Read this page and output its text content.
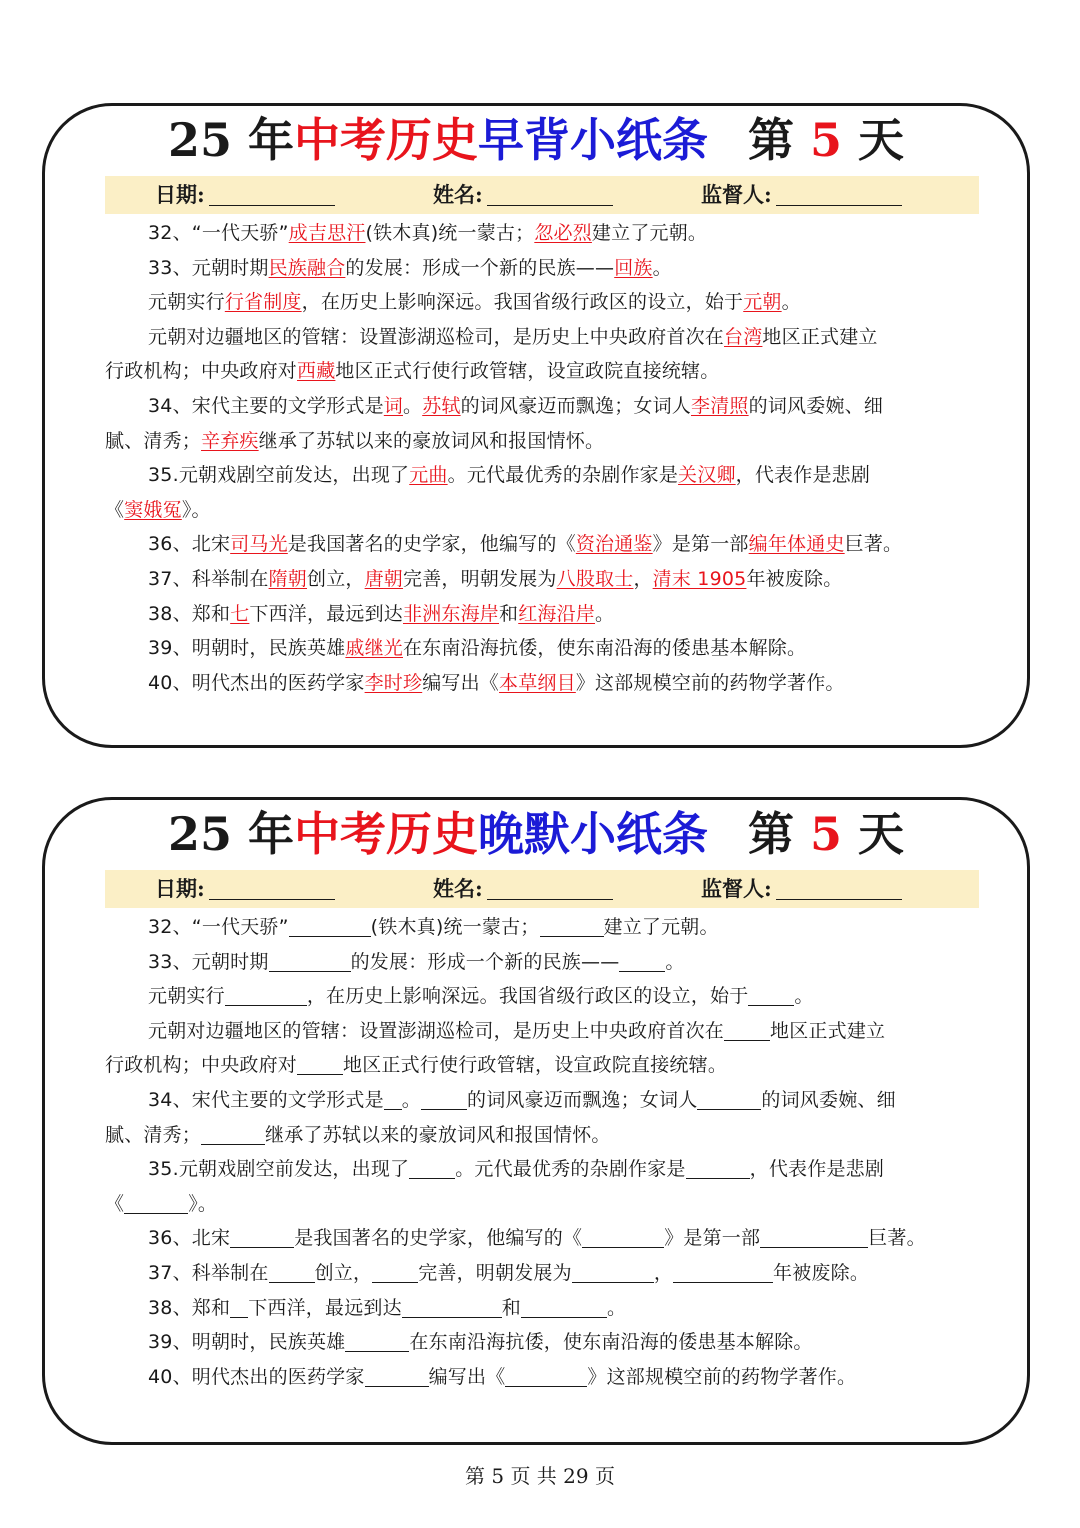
25 年中考历史早背小纸条 第 5 天
日期:	姓名:	监督人:

32、“一代天骄”成吉思汗(铁木真)统一蒙古；忽必烈建立了元朝。

33、元朝时期民族融合的发展：形成一个新的民族——回族。

元朝实行行省制度，在历史上影响深远。我国省级行政区的设立，始于元朝。

元朝对边疆地区的管辖：设置澎湖巡检司，是历史上中央政府首次在台湾地区正式建立

行政机构；中央政府对西藏地区正式行使行政管辖，设宣政院直接统辖。

34、宋代主要的文学形式是词。苏轼的词风豪迈而飘逸；女词人李清照的词风委婉、细

腻、清秀；辛弃疾继承了苏轼以来的豪放词风和报国情怀。

35.元朝戏剧空前发达，出现了元曲。元代最优秀的杂剧作家是关汉卿，代表作是悲剧

《窦娥冤》。

36、北宋司马光是我国著名的史学家，他编写的《资治通鉴》是第一部编年体通史巨著。

37、科举制在隋朝创立，唐朝完善，明朝发展为八股取士，清末 1905年被废除。

38、郑和七下西洋，最远到达非洲东海岸和红海沿岸。

39、明朝时，民族英雄戚继光在东南沿海抗倭，使东南沿海的倭患基本解除。

40、明代杰出的医药学家李时珍编写出《本草纲目》这部规模空前的药物学著作。

25 年中考历史晚默小纸条 第 5 天
日期:	姓名:	监督人:

32、“一代天骄”	(铁木真)统一蒙古；	建立了元朝。

33、元朝时期	的发展：形成一个新的民族—— 。

元朝实行	，在历史上影响深远。我国省级行政区的设立，始于 。

元朝对边疆地区的管辖：设置澎湖巡检司，是历史上中央政府首次在 地区正式建立

行政机构；中央政府对 地区正式行使行政管辖，设宣政院直接统辖。

34、宋代主要的文学形式是 。 的词风豪迈而飘逸；女词人	的词风委婉、细

腻、清秀；	继承了苏轼以来的豪放词风和报国情怀。

35.元朝戏剧空前发达，出现了 。元代最优秀的杂剧作家是	，代表作是悲剧

《	》。

36、北宋	是我国著名的史学家，他编写的《	》是第一部	巨著。

37、科举制在 创立， 完善，明朝发展为	，	年被废除。

38、郑和 下西洋，最远到达	和	。

39、明朝时，民族英雄	在东南沿海抗倭，使东南沿海的倭患基本解除。

40、明代杰出的医药学家	编写出《	》这部规模空前的药物学著作。

第 5 页 共 29 页
